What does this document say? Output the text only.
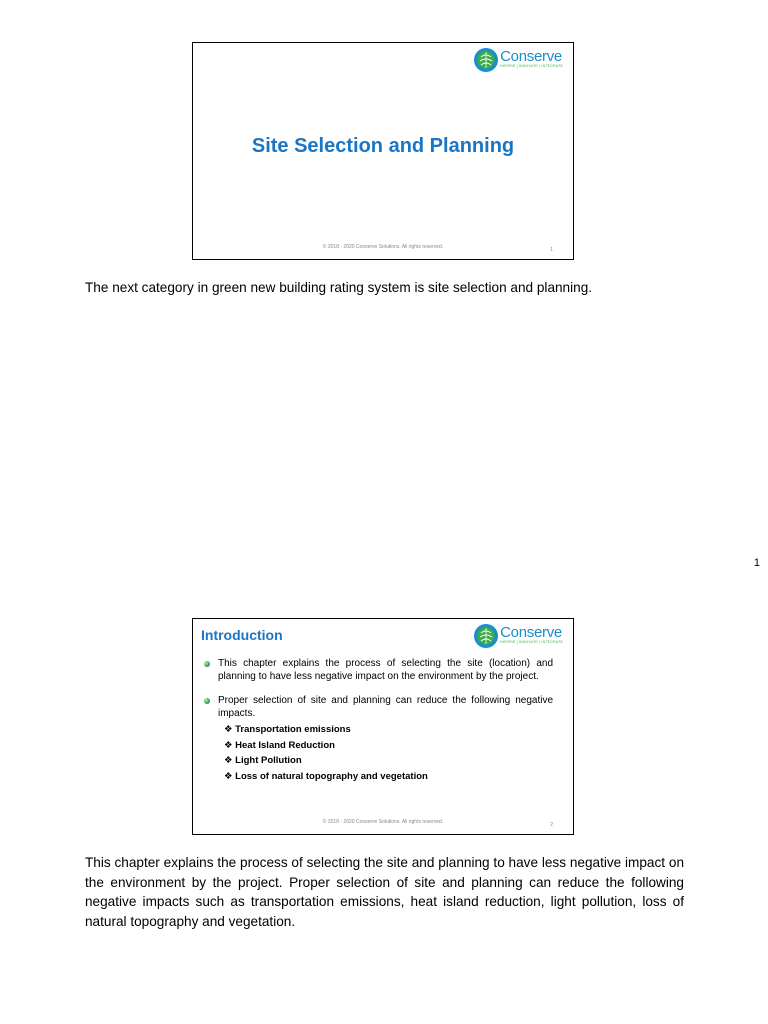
Conserve
INSPIRE | INNOVATE | INTEGRATE
Site Selection and Planning
© 2018 - 2020 Conserve Solutions. All rights reserved.	1
The next category in green new building rating system is site selection and planning.
1
Introduction	Conserve
INSPIRE | INNOVATE | INTEGRATE
This chapter explains the process of selecting the site (location) and planning to have less negative impact on the environment by the project.
Proper selection of site and planning can reduce the following negative impacts.
❖ Transportation emissions
❖ Heat Island Reduction
❖ Light Pollution
❖ Loss of natural topography and vegetation
© 2018 - 2020 Conserve Solutions. All rights reserved.	2
This chapter explains the process of selecting the site and planning to have less negative impact on the environment by the project. Proper selection of site and planning can reduce the following negative impacts such as transportation emissions, heat island reduction, light pollution, loss of natural topography and vegetation.
